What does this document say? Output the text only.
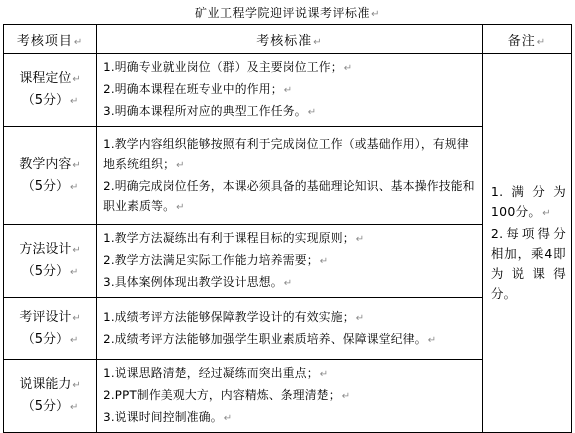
矿业工程学院迎评说课考评标准↵
考核项目↵	考核标准↵	备注↵
课程定位↵
（5分）↵	1.明确专业就业岗位（群）及主要岗位工作；↵
2.明确本课程在班专业中的作用；↵
3.明确本课程所对应的典型工作任务。↵	1.满分为100分。↵
2.每项得分相加，乘4即为说课得分。

教学内容↵
（5分）↵	1.教学内容组织能够按照有利于完成岗位工作（或基础作用），有规律地系统组织；↵
2.明确完成岗位任务，本课必须具备的基础理论知识、基本操作技能和职业素质等。↵	

方法设计↵
（5分）↵	1.教学方法凝练出有利于课程目标的实现原则；↵
2.教学方法满足实际工作能力培养需要；↵
3.具体案例体现出教学设计思想。↵	

考评设计↵
（5分）↵	1.成绩考评方法能够保障教学设计的有效实施；↵
2.成绩考评方法能够加强学生职业素质培养、保障课堂纪律。↵	

说课能力↵
（5分）↵	1.说课思路清楚，经过凝练而突出重点；↵
2.PPT制作美观大方，内容精炼、条理清楚；↵
3.说课时间控制准确。↵	
